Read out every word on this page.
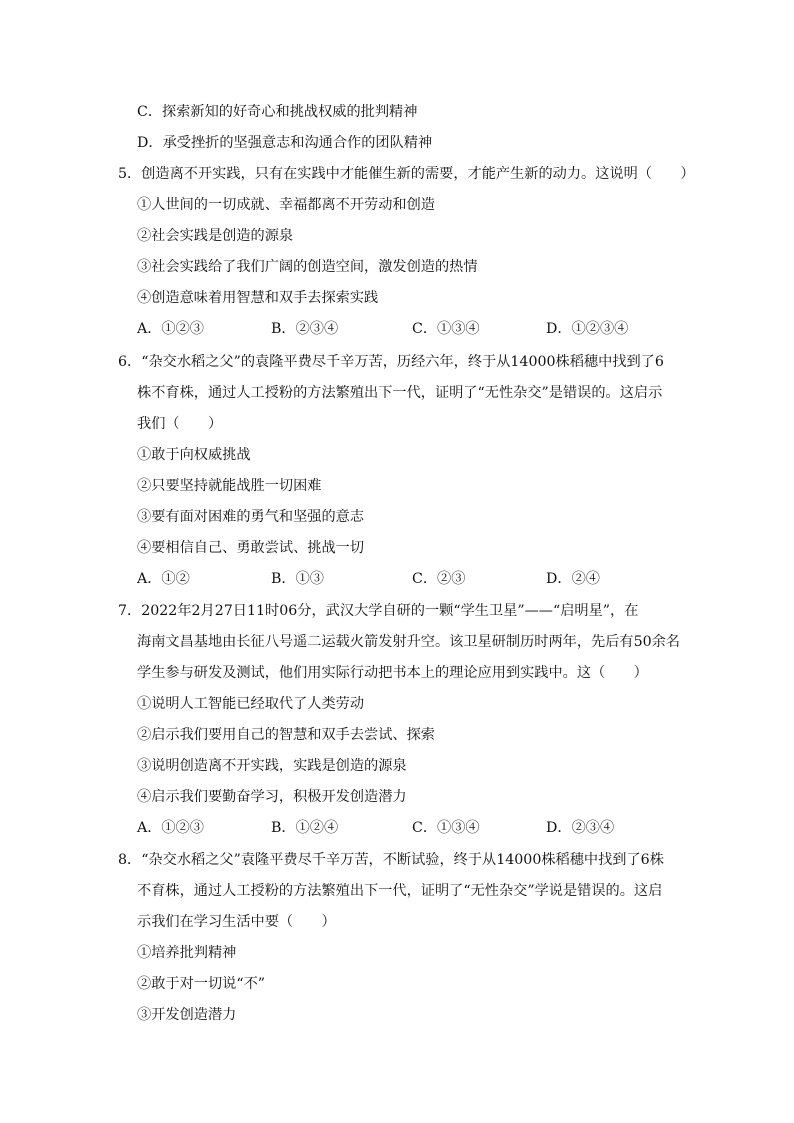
C．探索新知的好奇心和挑战权威的批判精神
D．承受挫折的坚强意志和沟通合作的团队精神
5．创造离不开实践，只有在实践中才能催生新的需要，才能产生新的动力。这说明（　　）
①人世间的一切成就、幸福都离不开劳动和创造
②社会实践是创造的源泉
③社会实践给了我们广阔的创造空间，激发创造的热情
④创造意味着用智慧和双手去探索实践
A．①②③	B．②③④	C．①③④	D．①②③④
6．“杂交水稻之父”的袁隆平费尽千辛万苦，历经六年，终于从14000株稻穗中找到了6
株不育株，通过人工授粉的方法繁殖出下一代，证明了“无性杂交”是错误的。这启示
我们（　　）
①敢于向权威挑战
②只要坚持就能战胜一切困难
③要有面对困难的勇气和坚强的意志
④要相信自己、勇敢尝试、挑战一切
A．①②	B．①③	C．②③	D．②④
7．2022年2月27日11时06分，武汉大学自研的一颗“学生卫星”——“启明星”，在
海南文昌基地由长征八号遥二运载火箭发射升空。该卫星研制历时两年，先后有50余名
学生参与研发及测试，他们用实际行动把书本上的理论应用到实践中。这（　　）
①说明人工智能已经取代了人类劳动
②启示我们要用自己的智慧和双手去尝试、探索
③说明创造离不开实践，实践是创造的源泉
④启示我们要勤奋学习，积极开发创造潜力
A．①②③	B．①②④	C．①③④	D．②③④
8．“杂交水稻之父”袁隆平费尽千辛万苦，不断试验，终于从14000株稻穗中找到了6株
不育株，通过人工授粉的方法繁殖出下一代，证明了“无性杂交”学说是错误的。这启
示我们在学习生活中要（　　）
①培养批判精神
②敢于对一切说“不”
③开发创造潜力
